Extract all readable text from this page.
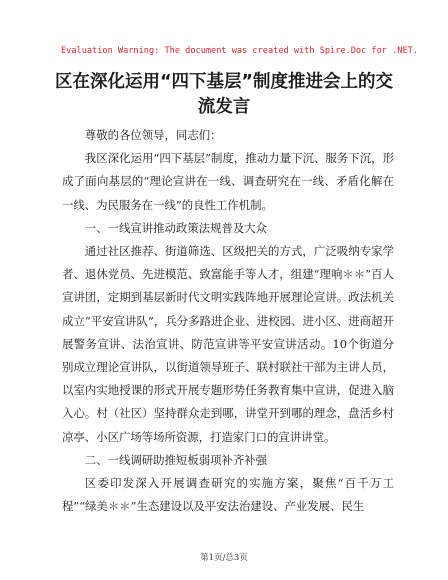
Evaluation Warning: The document was created with Spire.Doc for .NET.
区在深化运用“四下基层”制度推进会上的交流发言

尊敬的各位领导，同志们：

我区深化运用“四下基层”制度，推动力量下沉、服务下沉，形成了面向基层的“理论宣讲在一线、调查研究在一线、矛盾化解在一线、为民服务在一线”的良性工作机制。

一、一线宣讲推动政策法规普及大众

通过社区推荐、街道筛选、区级把关的方式，广泛吸纳专家学者、退休党员、先进模范、致富能手等人才，组建“理响＊＊”百人宣讲团，定期到基层新时代文明实践阵地开展理论宣讲。政法机关成立“平安宣讲队”，兵分多路进企业、进校园、进小区、进商超开展警务宣讲、法治宣讲、防范宣讲等平安宣讲活动。10个街道分别成立理论宣讲队，以街道领导班子、联村联社干部为主讲人员，以室内实地授课的形式开展专题形势任务教育集中宣讲，促进入脑入心。村（社区）坚持群众走到哪，讲堂开到哪的理念，盘活乡村凉亭、小区广场等场所资源，打造家门口的宣讲讲堂。

二、一线调研助推短板弱项补齐补强

区委印发深入开展调查研究的实施方案，聚焦“百千万工程”“绿美＊＊”生态建设以及平安法治建设、产业发展、民生

第1页/总3页
